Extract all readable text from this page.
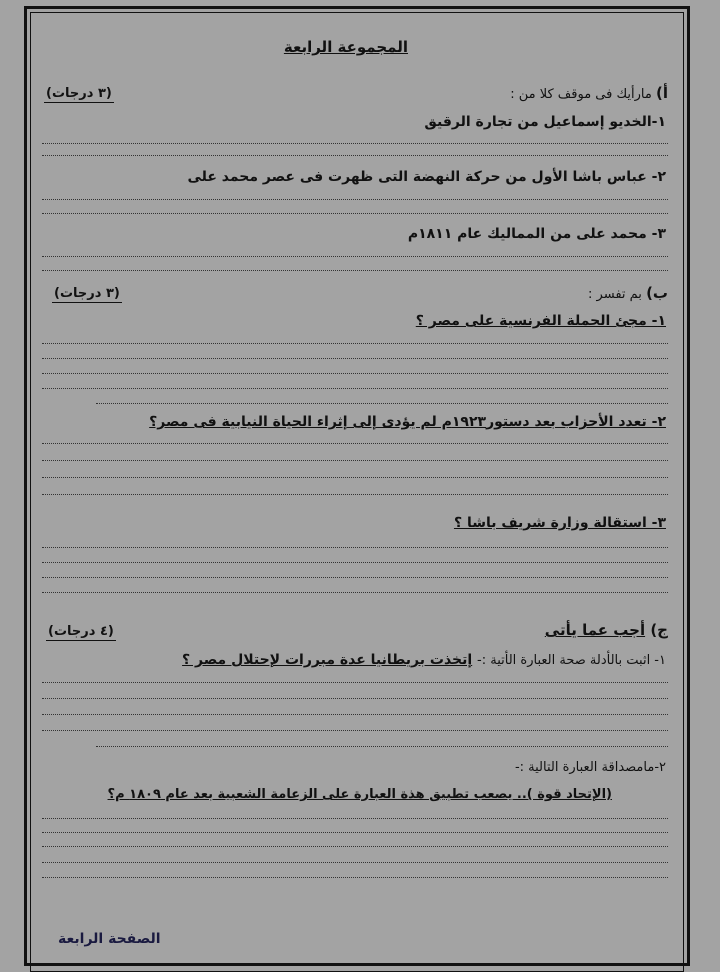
المجموعة الرابعة
أ) مارأيك فى موقف كلا من :
(٣ درجات)
١-الخديو إسماعيل من تجارة الرقيق
٢- عباس باشا الأول من حركة النهضة التى ظهرت فى عصر محمد على
٣- محمد على من المماليك عام ١٨١١م
ب) بم تفسر :
(٣ درجات)
١- مجئ الحملة الفرنسية على مصر ؟
٢- تعدد الأحزاب بعد دستور١٩٢٣م لم يؤدى إلى إثراء الحياة النيابية فى مصر؟
٣- استقالة وزارة شريف باشا ؟
ج) أجب عما يأتى
(٤ درجات)
١- اثبت بالأدلة صحة العبارة الأتية :- إتخذت بريطانيا عدة مبررات لإحتلال مصر ؟
٢-مامصداقة العبارة التالية :-
(الإتحاد قوة ).. يصعب تطبيق هذة العبارة على الزعامة الشعبية بعد عام ١٨٠٩ م؟
الصفحة الرابعة
